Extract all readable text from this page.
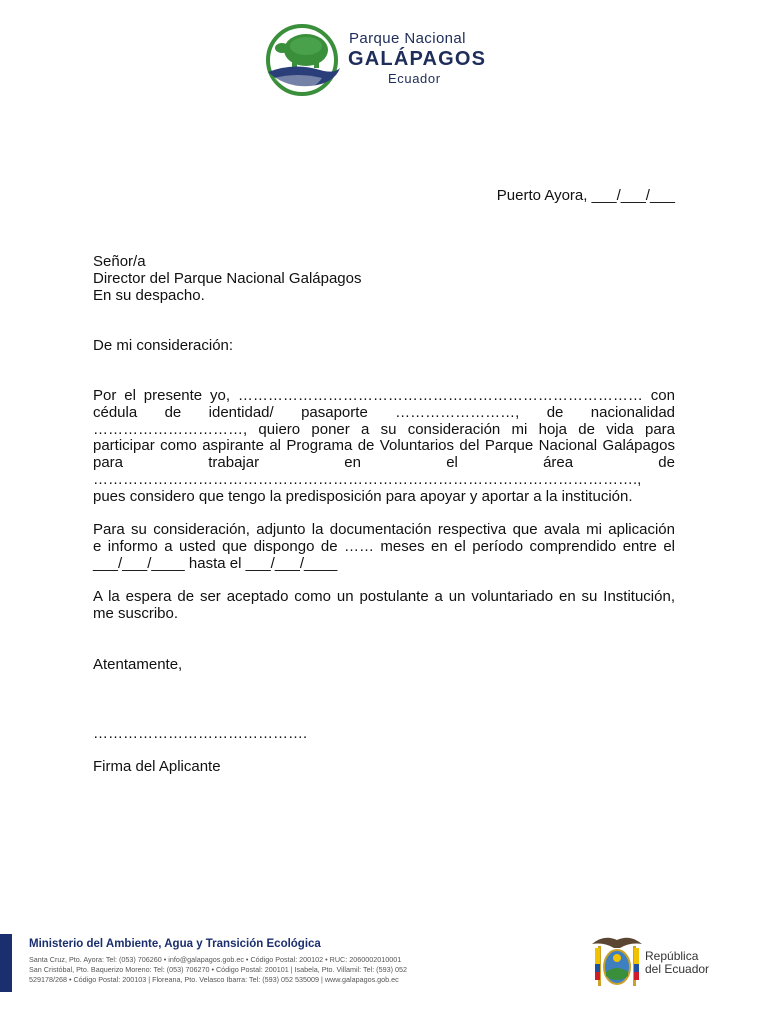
Parque Nacional
GALÁPAGOS
Ecuador
Puerto Ayora, ___/___/___
Señor/a
Director del Parque Nacional Galápagos
En su despacho.
De mi consideración:

Por el presente yo, ……………………………………………………………………… con
cédula de identidad/ pasaporte ……………………, de nacionalidad
…………………………, quiero poner a su consideración mi hoja de vida para
participar como aspirante al Programa de Voluntarios del Parque Nacional Galápagos
para trabajar en el área de
……………………………………………………………………………………………….,
pues considero que tengo la predisposición para apoyar y aportar a la institución.

Para su consideración, adjunto la documentación respectiva que avala mi aplicación
e informo a usted que dispongo de …… meses en el período comprendido entre el
___/___/____ hasta el ___/___/____

A la espera de ser aceptado como un postulante a un voluntariado en su Institución,
me suscribo.

Atentamente,
…………………………………….
Firma del Aplicante
Ministerio del Ambiente, Agua y Transición Ecológica
Santa Cruz, Pto. Ayora: Tel: (053) 706260 • info@galapagos.gob.ec • Código Postal: 200102 • RUC: 2060002010001
San Cristóbal, Pto. Baquerizo Moreno: Tel: (053) 706270 • Código Postal: 200101 | Isabela, Pto. Villamil: Tel: (593) 052
529178/268 • Código Postal: 200103 | Floreana, Pto. Velasco Ibarra: Tel: (593) 052 535009 | www.galapagos.gob.ec
República
del Ecuador
